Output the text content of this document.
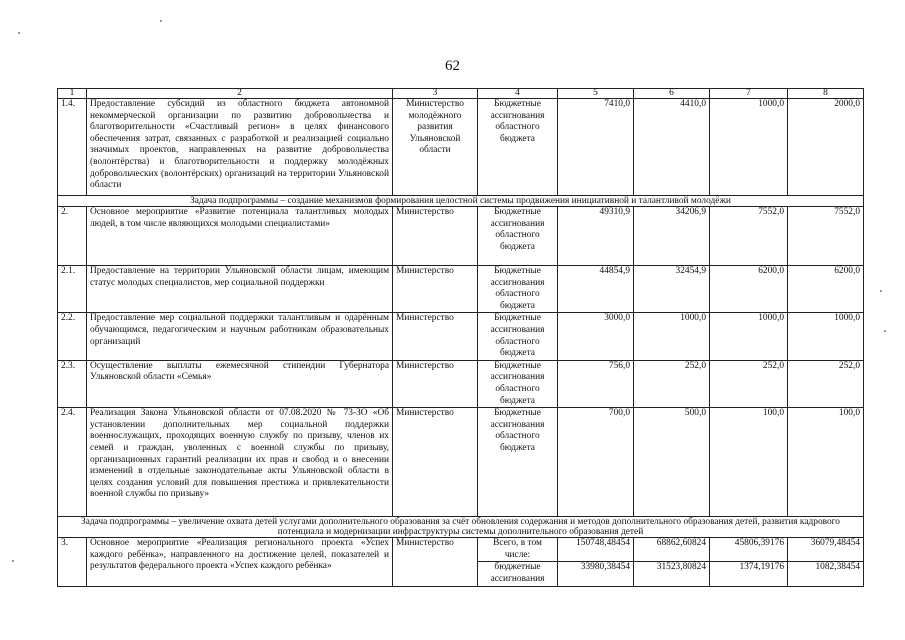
62
1	2	3	4	5	6	7	8
1.4.	Предоставление субсидий из областного бюджета автономной некоммерческой организации по развитию добровольчества и благотворительности «Счастливый регион» в целях финансового обеспечения затрат, связанных с разработкой и реализацией социально значимых проектов, направленных на развитие добровольчества (волонтёрства) и благотворительности и поддержку молодёжных добровольческих (волонтёрских) организаций на территории Ульяновской области	Министерство молодёжного развития Ульяновской области	Бюджетные ассигнования областного бюджета	7410,0	4410,0	1000,0	2000,0
Задача подпрограммы – создание механизмов формирования целостной системы продвижения инициативной и талантливой молодёжи							
2.	Основное мероприятие «Развитие потенциала талантливых молодых людей, в том числе являющихся молодыми специалистами»	Министерство	Бюджетные ассигнования областного бюджета	49310,9	34206,9	7552,0	7552,0
2.1.	Предоставление на территории Ульяновской области лицам, имеющим статус молодых специалистов, мер социальной поддержки	Министерство	Бюджетные ассигнования областного бюджета	44854,9	32454,9	6200,0	6200,0
2.2.	Предоставление мер социальной поддержки талантливым и одарённым обучающимся, педагогическим и научным работникам образовательных организаций	Министерство	Бюджетные ассигнования областного бюджета	3000,0	1000,0	1000,0	1000,0
2.3.	Осуществление выплаты ежемесячной стипендии Губернатора Ульяновской области «Семья»	Министерство	Бюджетные ассигнования областного бюджета	756,0	252,0	252,0	252,0
2.4.	Реализация Закона Ульяновской области от 07.08.2020 № 73-ЗО «Об установлении дополнительных мер социальной поддержки военнослужащих, проходящих военную службу по призыву, членов их семей и граждан, уволенных с военной службы по призыву, организационных гарантий реализации их прав и свобод и о внесении изменений в отдельные законодательные акты Ульяновской области в целях создания условий для повышения престижа и привлекательности военной службы по призыву»	Министерство	Бюджетные ассигнования областного бюджета	700,0	500,0	100,0	100,0
Задача подпрограммы – увеличение охвата детей услугами дополнительного образования за счёт обновления содержания и методов дополнительного образования детей, развития кадрового потенциала и модернизации инфраструктуры системы дополнительного образования детей							
3.	Основное мероприятие «Реализация регионального проекта «Успех каждого ребёнка», направленного на достижение целей, показателей и результатов федерального проекта «Успех каждого ребёнка»	Министерство	Всего, в том числе:	150748,48454	68862,60824	45806,39176	36079,48454
			бюджетные ассигнования	33980,38454	31523,80824	1374,19176	1082,38454
